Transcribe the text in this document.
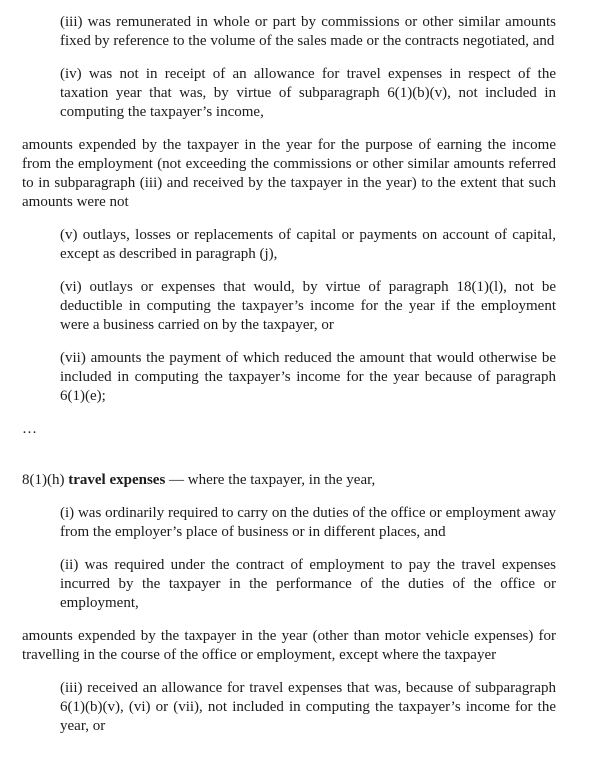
(iii) was remunerated in whole or part by commissions or other similar amounts fixed by reference to the volume of the sales made or the contracts negotiated, and

(iv) was not in receipt of an allowance for travel expenses in respect of the taxation year that was, by virtue of subparagraph 6(1)(b)(v), not included in computing the taxpayer’s income,

amounts expended by the taxpayer in the year for the purpose of earning the income from the employment (not exceeding the commissions or other similar amounts referred to in subparagraph (iii) and received by the taxpayer in the year) to the extent that such amounts were not

(v) outlays, losses or replacements of capital or payments on account of capital, except as described in paragraph (j),

(vi) outlays or expenses that would, by virtue of paragraph 18(1)(l), not be deductible in computing the taxpayer’s income for the year if the employment were a business carried on by the taxpayer, or

(vii) amounts the payment of which reduced the amount that would otherwise be included in computing the taxpayer’s income for the year because of paragraph 6(1)(e);

…

8(1)(h) travel expenses — where the taxpayer, in the year,

(i) was ordinarily required to carry on the duties of the office or employment away from the employer’s place of business or in different places, and

(ii) was required under the contract of employment to pay the travel expenses incurred by the taxpayer in the performance of the duties of the office or employment,

amounts expended by the taxpayer in the year (other than motor vehicle expenses) for travelling in the course of the office or employment, except where the taxpayer

(iii) received an allowance for travel expenses that was, because of subparagraph 6(1)(b)(v), (vi) or (vii), not included in computing the taxpayer’s income for the year, or
